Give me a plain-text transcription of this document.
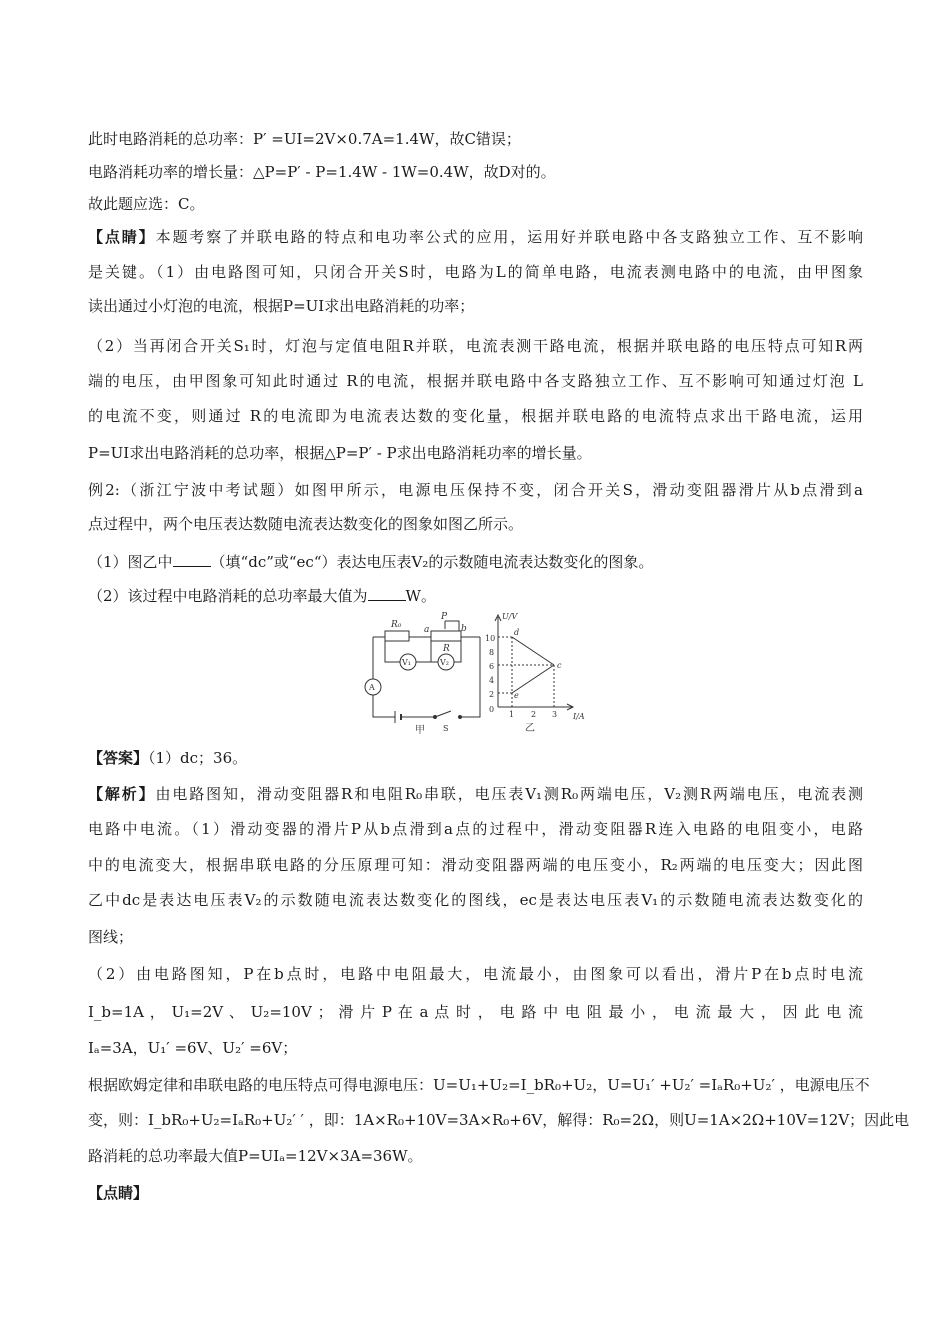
此时电路消耗的总功率：P′ =UI=2V×0.7A=1.4W，故C错误；
电路消耗功率的增长量：△P=P′ - P=1.4W - 1W=0.4W，故D对的。
故此题应选：C。
【点睛】本题考察了并联电路的特点和电功率公式的应用，运用好并联电路中各支路独立工作、互不影响
是关键。（1）由电路图可知，只闭合开关S时，电路为L的简单电路，电流表测电路中的电流，由甲图象
读出通过小灯泡的电流，根据P=UI求出电路消耗的功率；
（2）当再闭合开关S₁时，灯泡与定值电阻R并联，电流表测干路电流，根据并联电路的电压特点可知R两
端的电压，由甲图象可知此时通过 R的电流，根据并联电路中各支路独立工作、互不影响可知通过灯泡 L
的电流不变，则通过 R的电流即为电流表达数的变化量，根据并联电路的电流特点求出干路电流，运用
P=UI求出电路消耗的总功率，根据△P=P′ - P求出电路消耗功率的增长量。
例2:（浙江宁波中考试题）如图甲所示，电源电压保持不变，闭合开关S，滑动变阻器滑片从b点滑到a
点过程中，两个电压表达数随电流表达数变化的图象如图乙所示。
（1）图乙中	（填“dc”或“ec“）表达电压表V₂的示数随电流表达数变化的图象。
（2）该过程中电路消耗的总功率最大值为	W。
R₀	a
P
b
R
V₁	V₂
A
S
甲
U/V
I/A
0
10
8
6
4
2
1 2 3
d
c
e
乙
【答案】（1）dc；36。
【解析】由电路图知，滑动变阻器R和电阻R₀串联，电压表V₁测R₀两端电压，V₂测R两端电压，电流表测
电路中电流。（1）滑动变器的滑片P从b点滑到a点的过程中，滑动变阻器R连入电路的电阻变小，电路
中的电流变大，根据串联电路的分压原理可知：滑动变阻器两端的电压变小，R₂两端的电压变大；因此图
乙中dc是表达电压表V₂的示数随电流表达数变化的图线，ec是表达电压表V₁的示数随电流表达数变化的
图线；
（2）由电路图知，P在b点时，电路中电阻最大，电流最小，由图象可以看出，滑片P在b点时电流
I_b=1A ， U₁=2V 、 U₂=10V ； 滑 片 P 在 a 点 时 ， 电 路 中 电 阻 最 小 ， 电 流 最 大 ， 因 此 电 流
Iₐ=3A，U₁′ =6V、U₂′ =6V；
根据欧姆定律和串联电路的电压特点可得电源电压：U=U₁+U₂=I_bR₀+U₂，U=U₁′ +U₂′ =IₐR₀+U₂′ ，电源电压不
变，则：I_bR₀+U₂=IₐR₀+U₂′ ′ ，即：1A×R₀+10V=3A×R₀+6V，解得：R₀=2Ω，则U=1A×2Ω+10V=12V；因此电
路消耗的总功率最大值P=UIₐ=12V×3A=36W。
【点睛】
